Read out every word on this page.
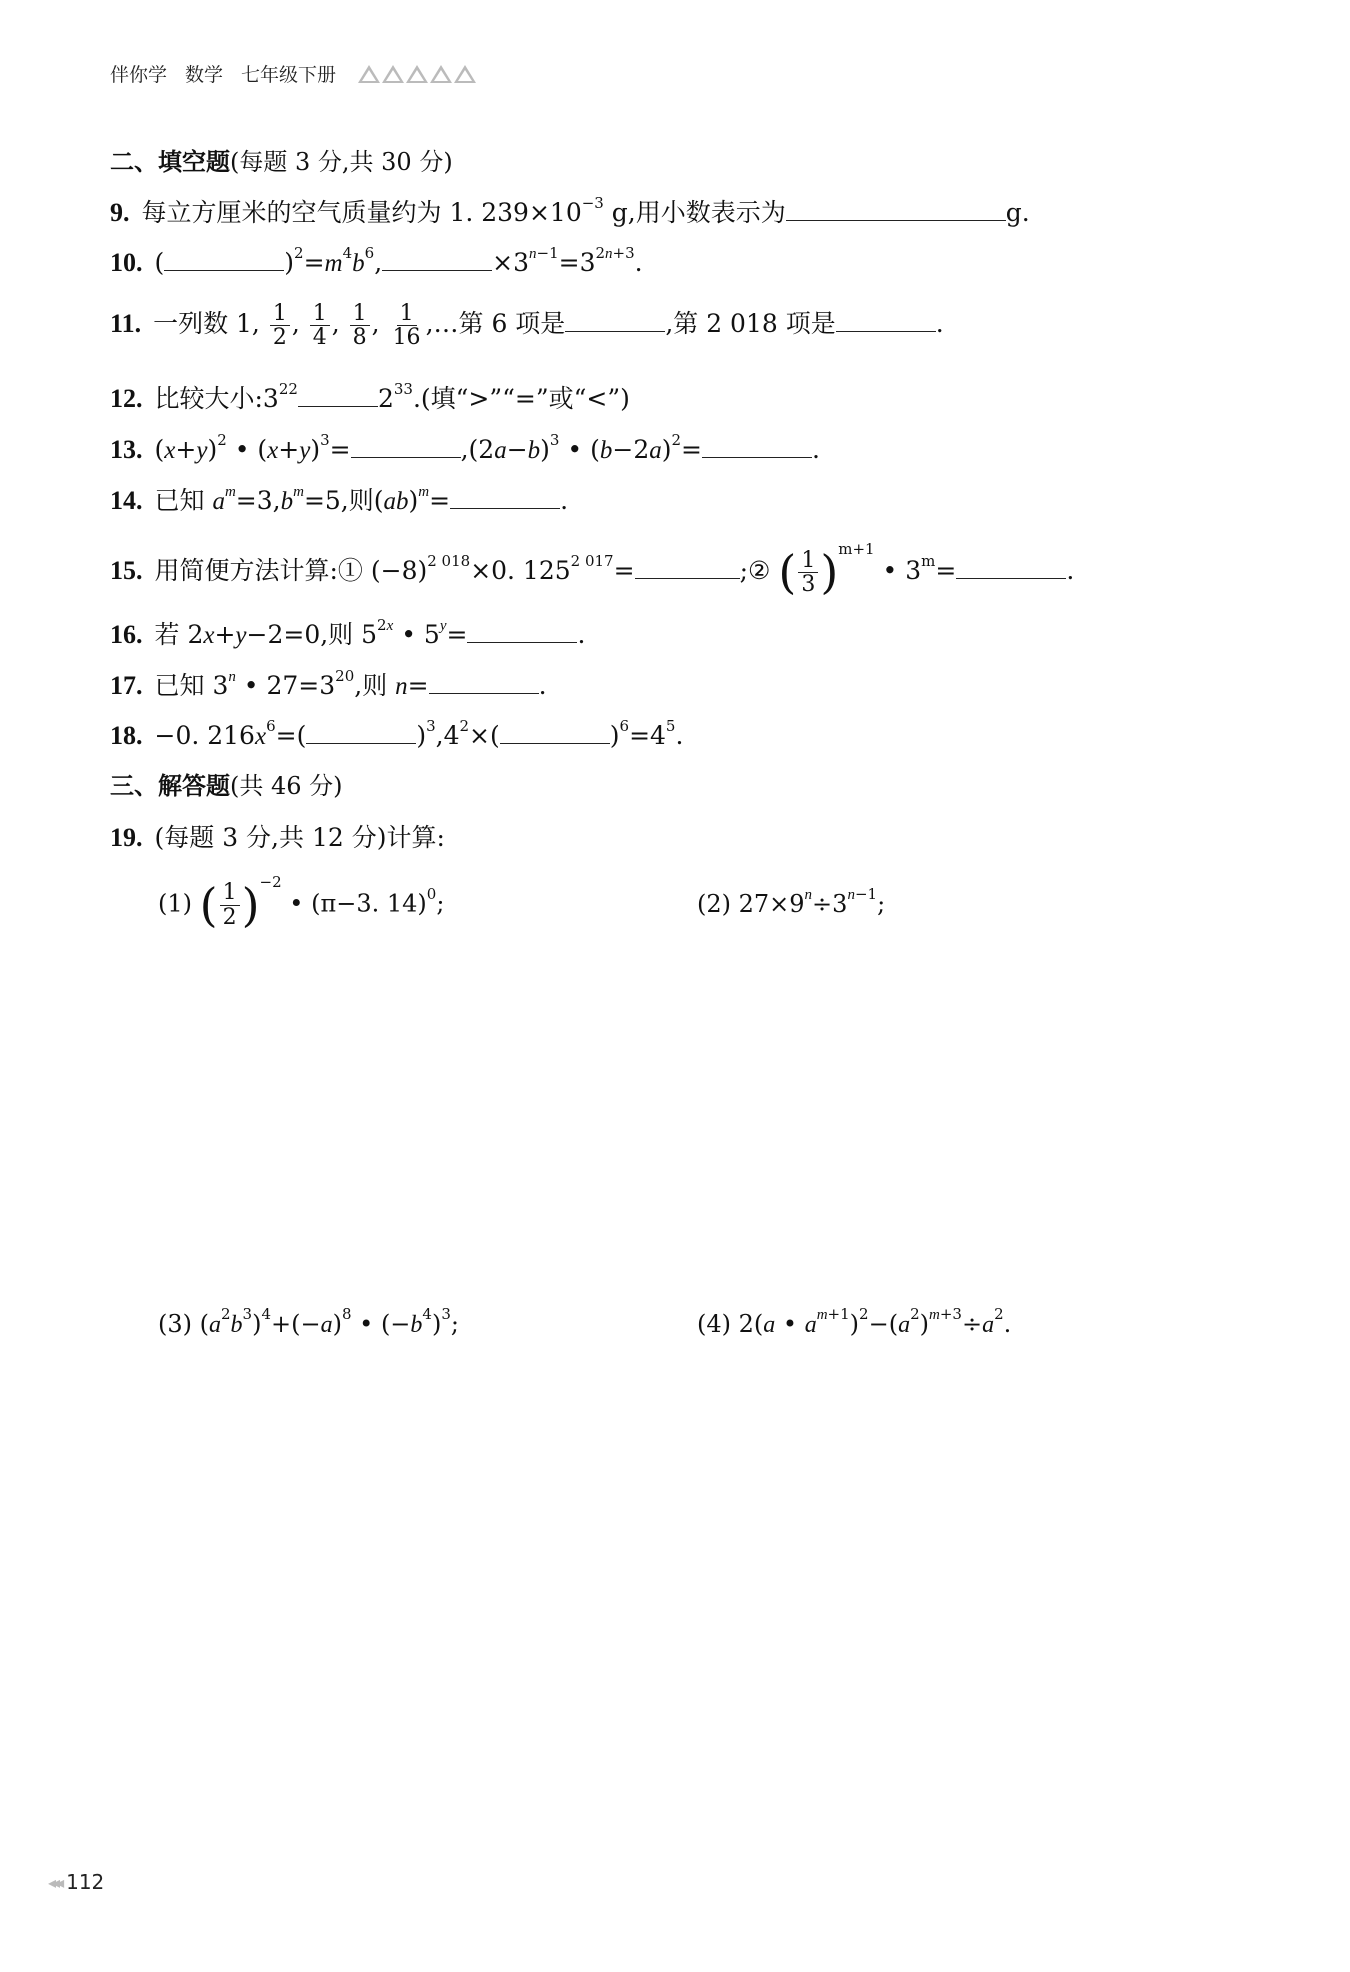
伴你学 数学 七年级下册
二、填空题(每题 3 分,共 30 分)
9. 每立方厘米的空气质量约为 1. $239\times 10^{-3}$ g,用小数表示为	g.
10. (	)$^2=m^4b^6$,	$\times 3^{n-1}=3^{2n+3}$.
11. 一列数 1, $\frac{1}{2}$ , $\frac{1}{4}$ , $\frac{1}{8}$ , $\frac{1}{16}$ ,…第 6 项是	,第 2 018 项是	.
12. 比较大小$:3^{22}$	$2^{33}$.(填“>”“=”或“<”)
13. $(x+y)^2$ • $(x+y)^3=$	$,(2a-b)^3$ • $(b-2a)^2=$	.
14. 已知 $a^m=3,b^m=5$,则(ab)$^m$=	.
15. 用简便方法计算:① $(-8)^{2 018}\times 0$. $125^{2 017}=$	;② ( $\frac{1}{3} )^{m+1}$ • $3^m=$	.
16. 若 2x+y−2=0,则 $5^{2x}$ • $5^y=$	.
17. 已知 3$^n$ • $27=3^{20}$,则 n=	.
18. −0. $216x^6=$(	)$^3,4^2\times$(	)$^6=4^5$.
三、解答题(共 46 分)
19. (每题 3 分,共 12 分)计算:
(1) ( $\frac{1}{2} )^{-2}$ • (π−3. 14)$^0$;	(2) $27\times 9^n\div 3^{n-1}$;
(3) $(a^2b^3)^4+(-a)^8$ • $(-b^4)^3$;	(4) 2(a • $a^{m+1})^2-(a^2)^{m+3}\div a^2$.
◂◂◂ 112
